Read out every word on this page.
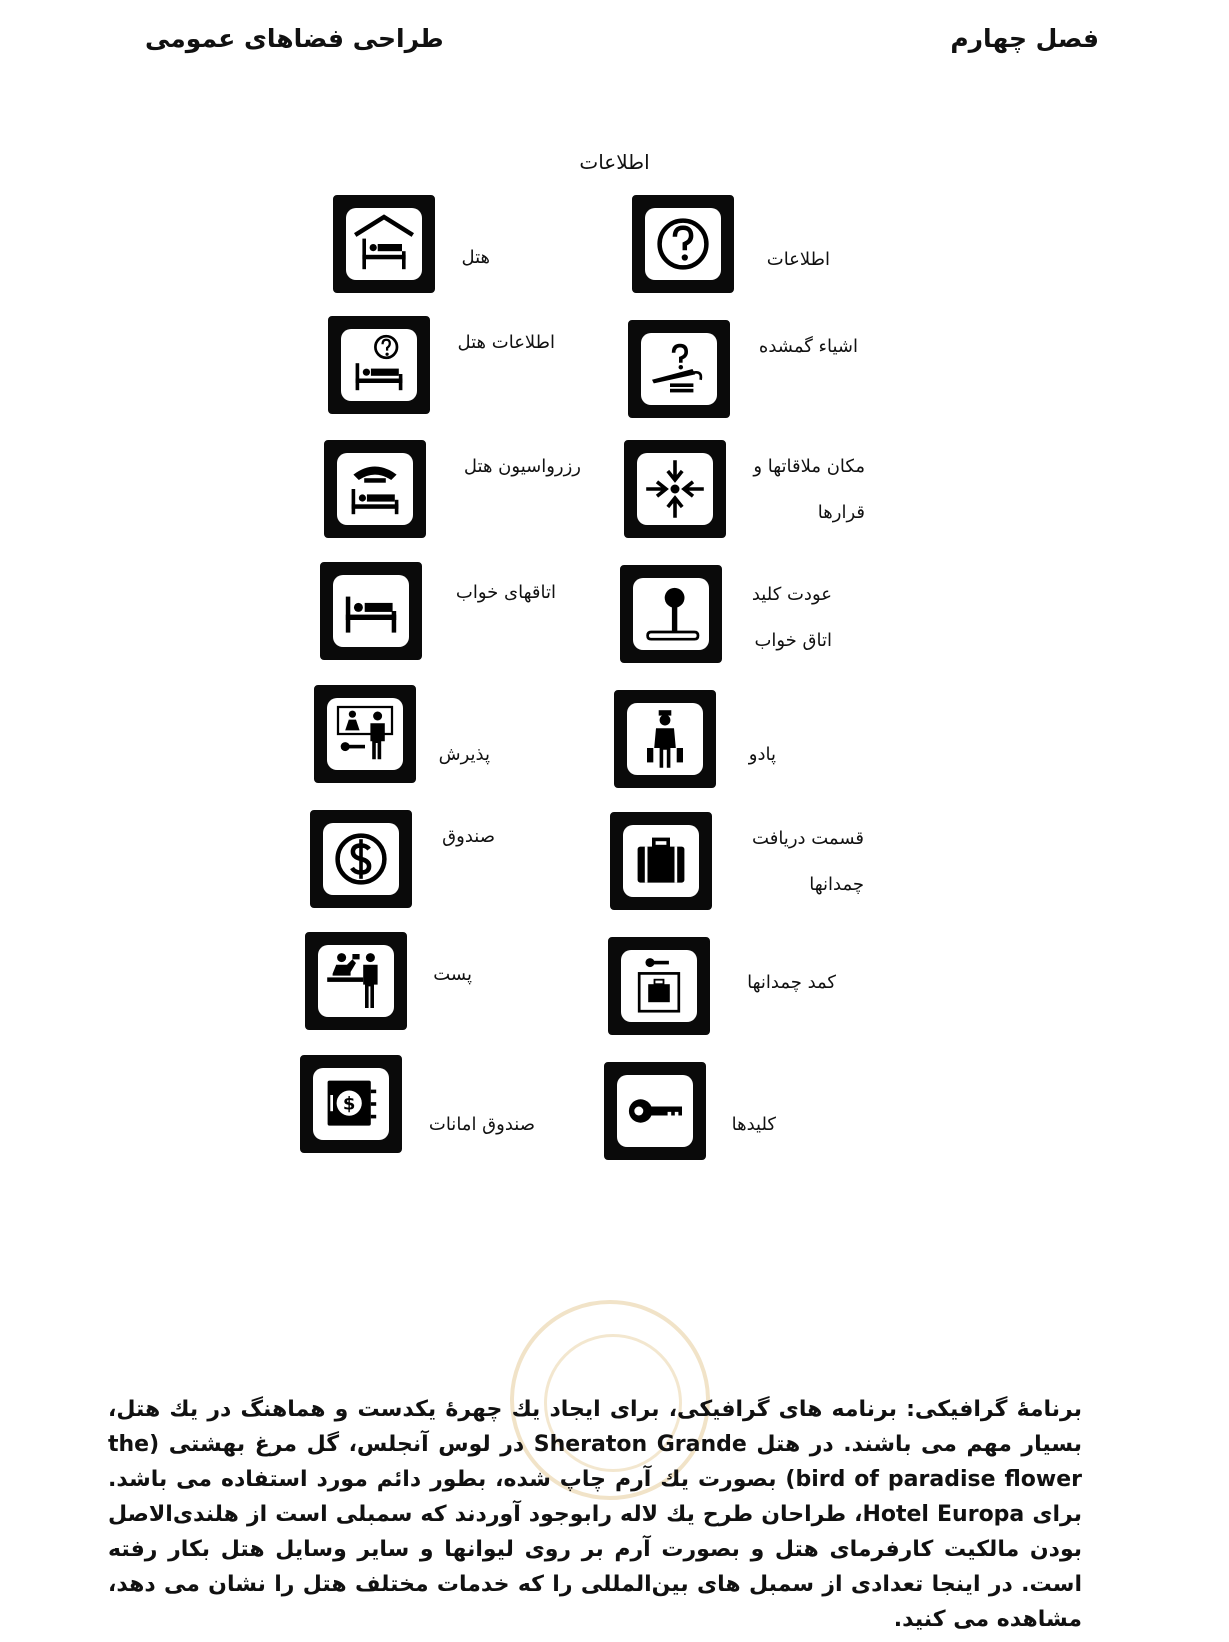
فصل چهارم
طراحی فضاهای عمومی
اطلاعات
اطلاعات
اشیاء گمشده
مکان ملاقاتها و قرارها
عودت کلید اتاق خواب
پادو
قسمت دریافت چمدانها
کمد چمدانها
کلیدها
هتل
اطلاعات هتل
رزرواسیون هتل
اتاقهای خواب
پذیرش
صندوق
پست
$
صندوق امانات

برنامهٔ گرافیکی: برنامه های گرافیکی، برای ایجاد یك چهرهٔ یکدست و هماهنگ در یك هتل، بسیار مهم می باشند. در هتل Sheraton Grande در لوس آنجلس، گل مرغ بهشتی (the bird of paradise flower) بصورت یك آرم چاپ شده، بطور دائم مورد استفاده می باشد. برای Hotel Europa، طراحان طرح یك لاله رابوجود آوردند که سمبلی است از هلندی‌الاصل بودن مالکیت کارفرمای هتل و بصورت آرم بر روی لیوانها و سایر وسایل هتل بکار رفته است. در اینجا تعدادی از سمبل های بین‌المللی را که خدمات مختلف هتل را نشان می دهد، مشاهده می کنید.
